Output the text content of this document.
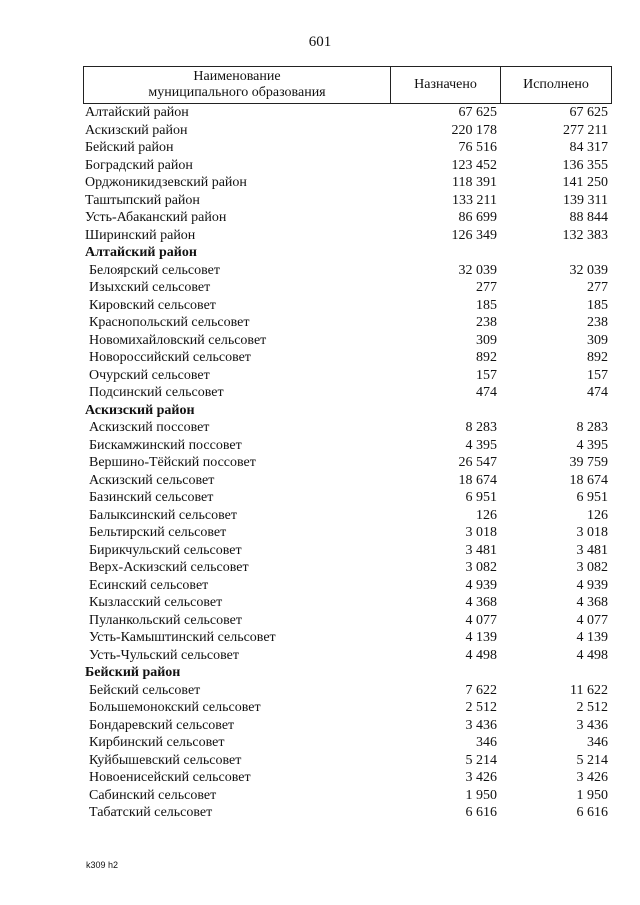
601
Наименование
муниципального образования
Назначено	Исполнено
Алтайский район	67 625	67 625
Аскизский район	220 178	277 211
Бейский район	76 516	84 317
Боградский район	123 452	136 355
Орджоникидзевский район	118 391	141 250
Таштыпский район	133 211	139 311
Усть-Абаканский район	86 699	88 844
Ширинский район	126 349	132 383
Алтайский район
Белоярский сельсовет	32 039	32 039
Изыхский сельсовет	277	277
Кировский сельсовет	185	185
Краснопольский сельсовет	238	238
Новомихайловский сельсовет	309	309
Новороссийский сельсовет	892	892
Очурский сельсовет	157	157
Подсинский сельсовет	474	474
Аскизский район
Аскизский поссовет	8 283	8 283
Бискамжинский поссовет	4 395	4 395
Вершино-Тёйский поссовет	26 547	39 759
Аскизский сельсовет	18 674	18 674
Базинский сельсовет	6 951	6 951
Балыксинский сельсовет	126	126
Бельтирский сельсовет	3 018	3 018
Бирикчульский сельсовет	3 481	3 481
Верх-Аскизский сельсовет	3 082	3 082
Есинский сельсовет	4 939	4 939
Кызласский сельсовет	4 368	4 368
Пуланкольский сельсовет	4 077	4 077
Усть-Камыштинский сельсовет	4 139	4 139
Усть-Чульский сельсовет	4 498	4 498
Бейский район
Бейский сельсовет	7 622	11 622
Большемонокский сельсовет	2 512	2 512
Бондаревский сельсовет	3 436	3 436
Кирбинский сельсовет	346	346
Куйбышевский сельсовет	5 214	5 214
Новоенисейский сельсовет	3 426	3 426
Сабинский сельсовет	1 950	1 950
Табатский сельсовет	6 616	6 616
k309 h2
